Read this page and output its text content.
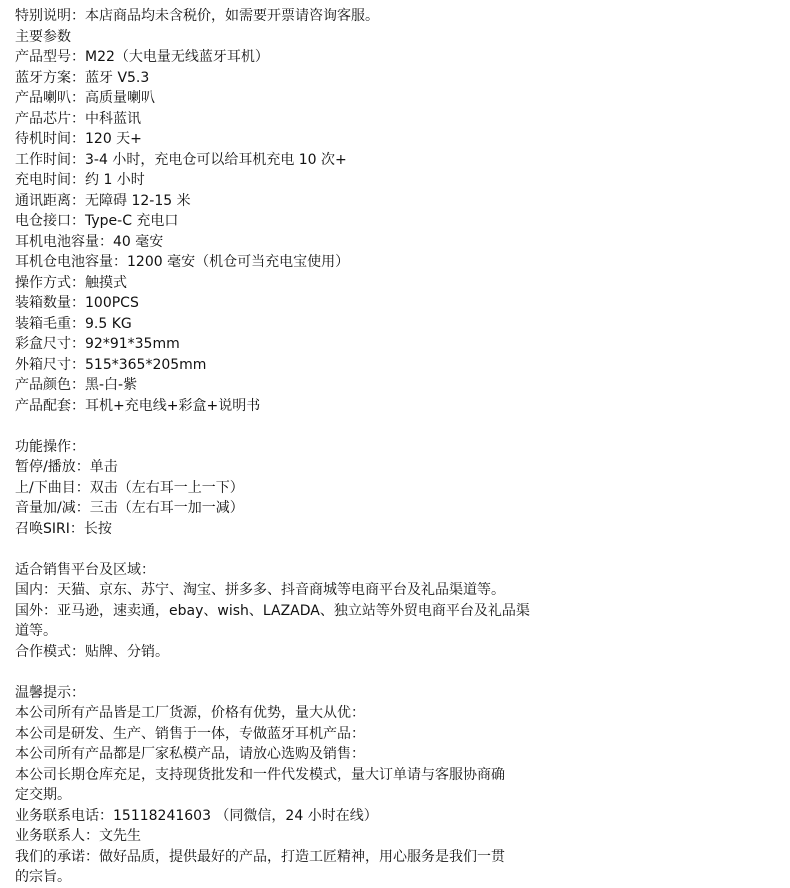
特别说明：本店商品均未含税价，如需要开票请咨询客服。
主要参数
产品型号：M22（大电量无线蓝牙耳机）
蓝牙方案：蓝牙 V5.3
产品喇叭：高质量喇叭
产品芯片：中科蓝讯
待机时间：120 天+
工作时间：3-4 小时，充电仓可以给耳机充电 10 次+
充电时间：约 1 小时
通讯距离：无障碍 12-15 米
电仓接口：Type-C 充电口
耳机电池容量：40 毫安
耳机仓电池容量：1200 毫安（机仓可当充电宝使用）
操作方式：触摸式
装箱数量：100PCS
装箱毛重：9.5 KG
彩盒尺寸：92*91*35mm
外箱尺寸：515*365*205mm
产品颜色：黑-白-紫
产品配套：耳机+充电线+彩盒+说明书
功能操作：
暂停/播放：单击
上/下曲目：双击（左右耳一上一下）
音量加/减：三击（左右耳一加一减）
召唤SIRI：长按
适合销售平台及区域：
国内：天猫、京东、苏宁、淘宝、拼多多、抖音商城等电商平台及礼品渠道等。
国外：亚马逊，速卖通，ebay、wish、LAZADA、独立站等外贸电商平台及礼品渠
道等。
合作模式：贴牌、分销。
温馨提示：
本公司所有产品皆是工厂货源，价格有优势，量大从优：
本公司是研发、生产、销售于一体，专做蓝牙耳机产品：
本公司所有产品都是厂家私模产品，请放心选购及销售：
本公司长期仓库充足，支持现货批发和一件代发模式，量大订单请与客服协商确
定交期。
业务联系电话：15118241603 （同微信，24 小时在线）
业务联系人：文先生
我们的承诺：做好品质，提供最好的产品，打造工匠精神，用心服务是我们一贯
的宗旨。
